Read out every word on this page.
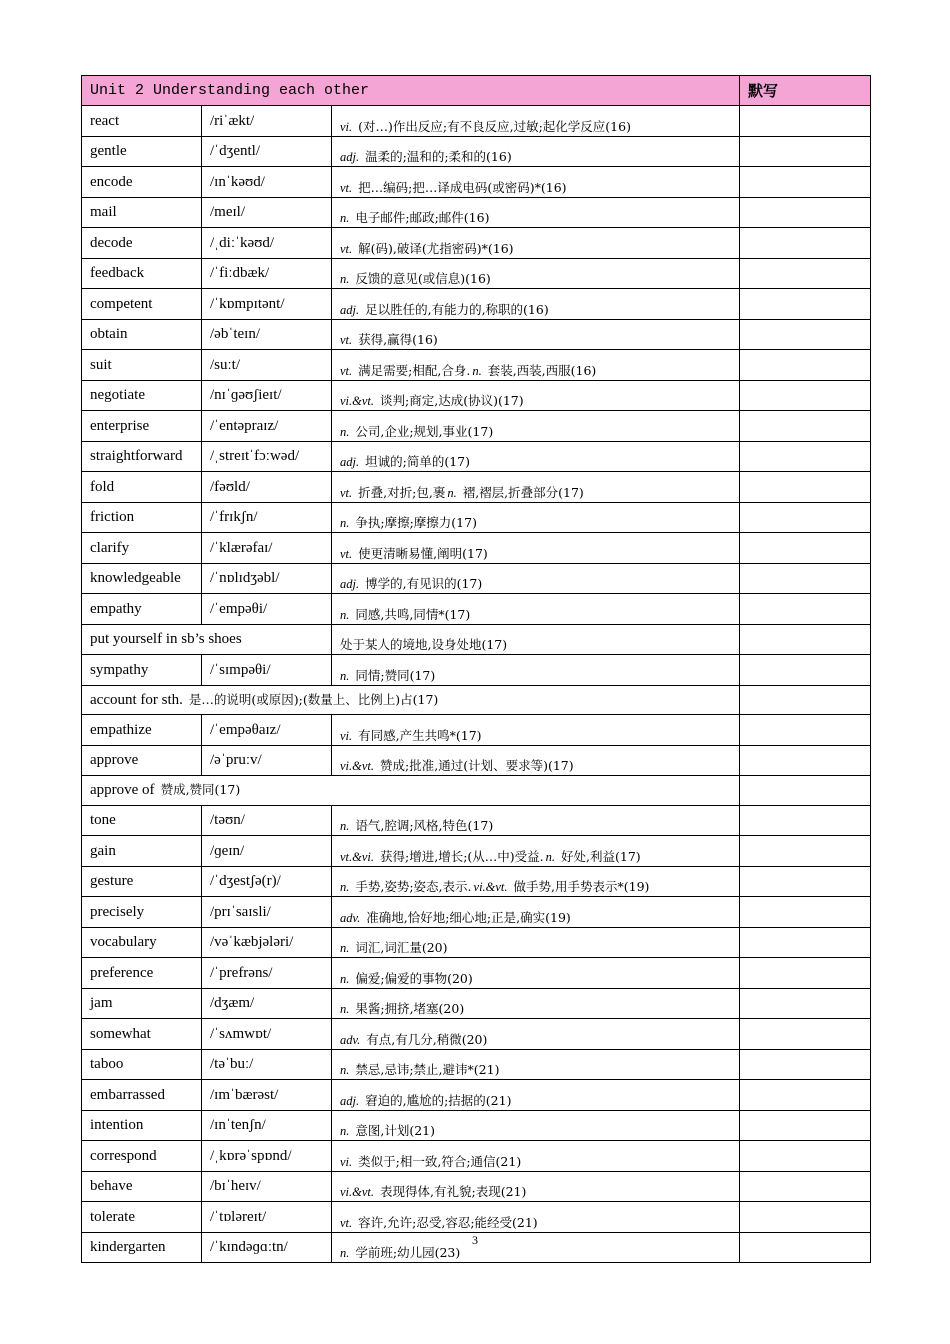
Unit 2 Understanding each other			默写
react	/riˈækt/	vi. (对…)作出反应;有不良反应,过敏;起化学反应(16)	
gentle	/ˈdʒentl/	adj. 温柔的;温和的;柔和的(16)	
encode	/ɪnˈkəʊd/	vt. 把…编码;把…译成电码(或密码)*(16)	
mail	/meɪl/	n. 电子邮件;邮政;邮件(16)	
decode	/ˌdiːˈkəʊd/	vt. 解(码),破译(尤指密码)*(16)	
feedback	/ˈfiːdbæk/	n. 反馈的意见(或信息)(16)	
competent	/ˈkɒmpɪtənt/	adj. 足以胜任的,有能力的,称职的(16)	
obtain	/əbˈteɪn/	vt. 获得,赢得(16)	
suit	/suːt/	vt. 满足需要;相配,合身. n. 套装,西装,西服(16)	
negotiate	/nɪˈɡəʊʃieɪt/	vi.&vt. 谈判;商定,达成(协议)(17)	
enterprise	/ˈentəpraɪz/	n. 公司,企业;规划,事业(17)	
straightforward	/ˌstreɪtˈfɔːwəd/	adj. 坦诚的;简单的(17)	
fold	/fəʊld/	vt. 折叠,对折;包,裹 n. 褶,褶层,折叠部分(17)	
friction	/ˈfrɪkʃn/	n. 争执;摩擦;摩擦力(17)	
clarify	/ˈklærəfaɪ/	vt. 使更清晰易懂,阐明(17)	
knowledgeable	/ˈnɒlɪdʒəbl/	adj. 博学的,有见识的(17)	
empathy	/ˈempəθi/	n. 同感,共鸣,同情*(17)	
put yourself in sb’s shoes		处于某人的境地,设身处地(17)	
sympathy	/ˈsɪmpəθi/	n. 同情;赞同(17)	
account for sth. 是…的说明(或原因);(数量上、比例上)占(17)			
empathize	/ˈempəθaɪz/	vi. 有同感,产生共鸣*(17)	
approve	/əˈpruːv/	vi.&vt. 赞成;批准,通过(计划、要求等)(17)	
approve of 赞成,赞同(17)			
tone	/təʊn/	n. 语气,腔调;风格,特色(17)	
gain	/ɡeɪn/	vt.&vi. 获得;增进,增长;(从…中)受益. n. 好处,利益(17)	
gesture	/ˈdʒestʃə(r)/	n. 手势,姿势;姿态,表示. vi.&vt. 做手势,用手势表示*(19)	
precisely	/prɪˈsaɪsli/	adv. 准确地,恰好地;细心地;正是,确实(19)	
vocabulary	/vəˈkæbjələri/	n. 词汇,词汇量(20)	
preference	/ˈprefrəns/	n. 偏爱;偏爱的事物(20)	
jam	/dʒæm/	n. 果酱;拥挤,堵塞(20)	
somewhat	/ˈsʌmwɒt/	adv. 有点,有几分,稍微(20)	
taboo	/təˈbuː/	n. 禁忌,忌讳;禁止,避讳*(21)	
embarrassed	/ɪmˈbærəst/	adj. 窘迫的,尴尬的;拮据的(21)	
intention	/ɪnˈtenʃn/	n. 意图,计划(21)	
correspond	/ˌkɒrəˈspɒnd/	vi. 类似于;相一致,符合;通信(21)	
behave	/bɪˈheɪv/	vi.&vt. 表现得体,有礼貌;表现(21)	
tolerate	/ˈtɒləreɪt/	vt. 容许,允许;忍受,容忍;能经受(21)	
kindergarten	/ˈkɪndəɡɑːtn/	n. 学前班;幼儿园(23)	
3
